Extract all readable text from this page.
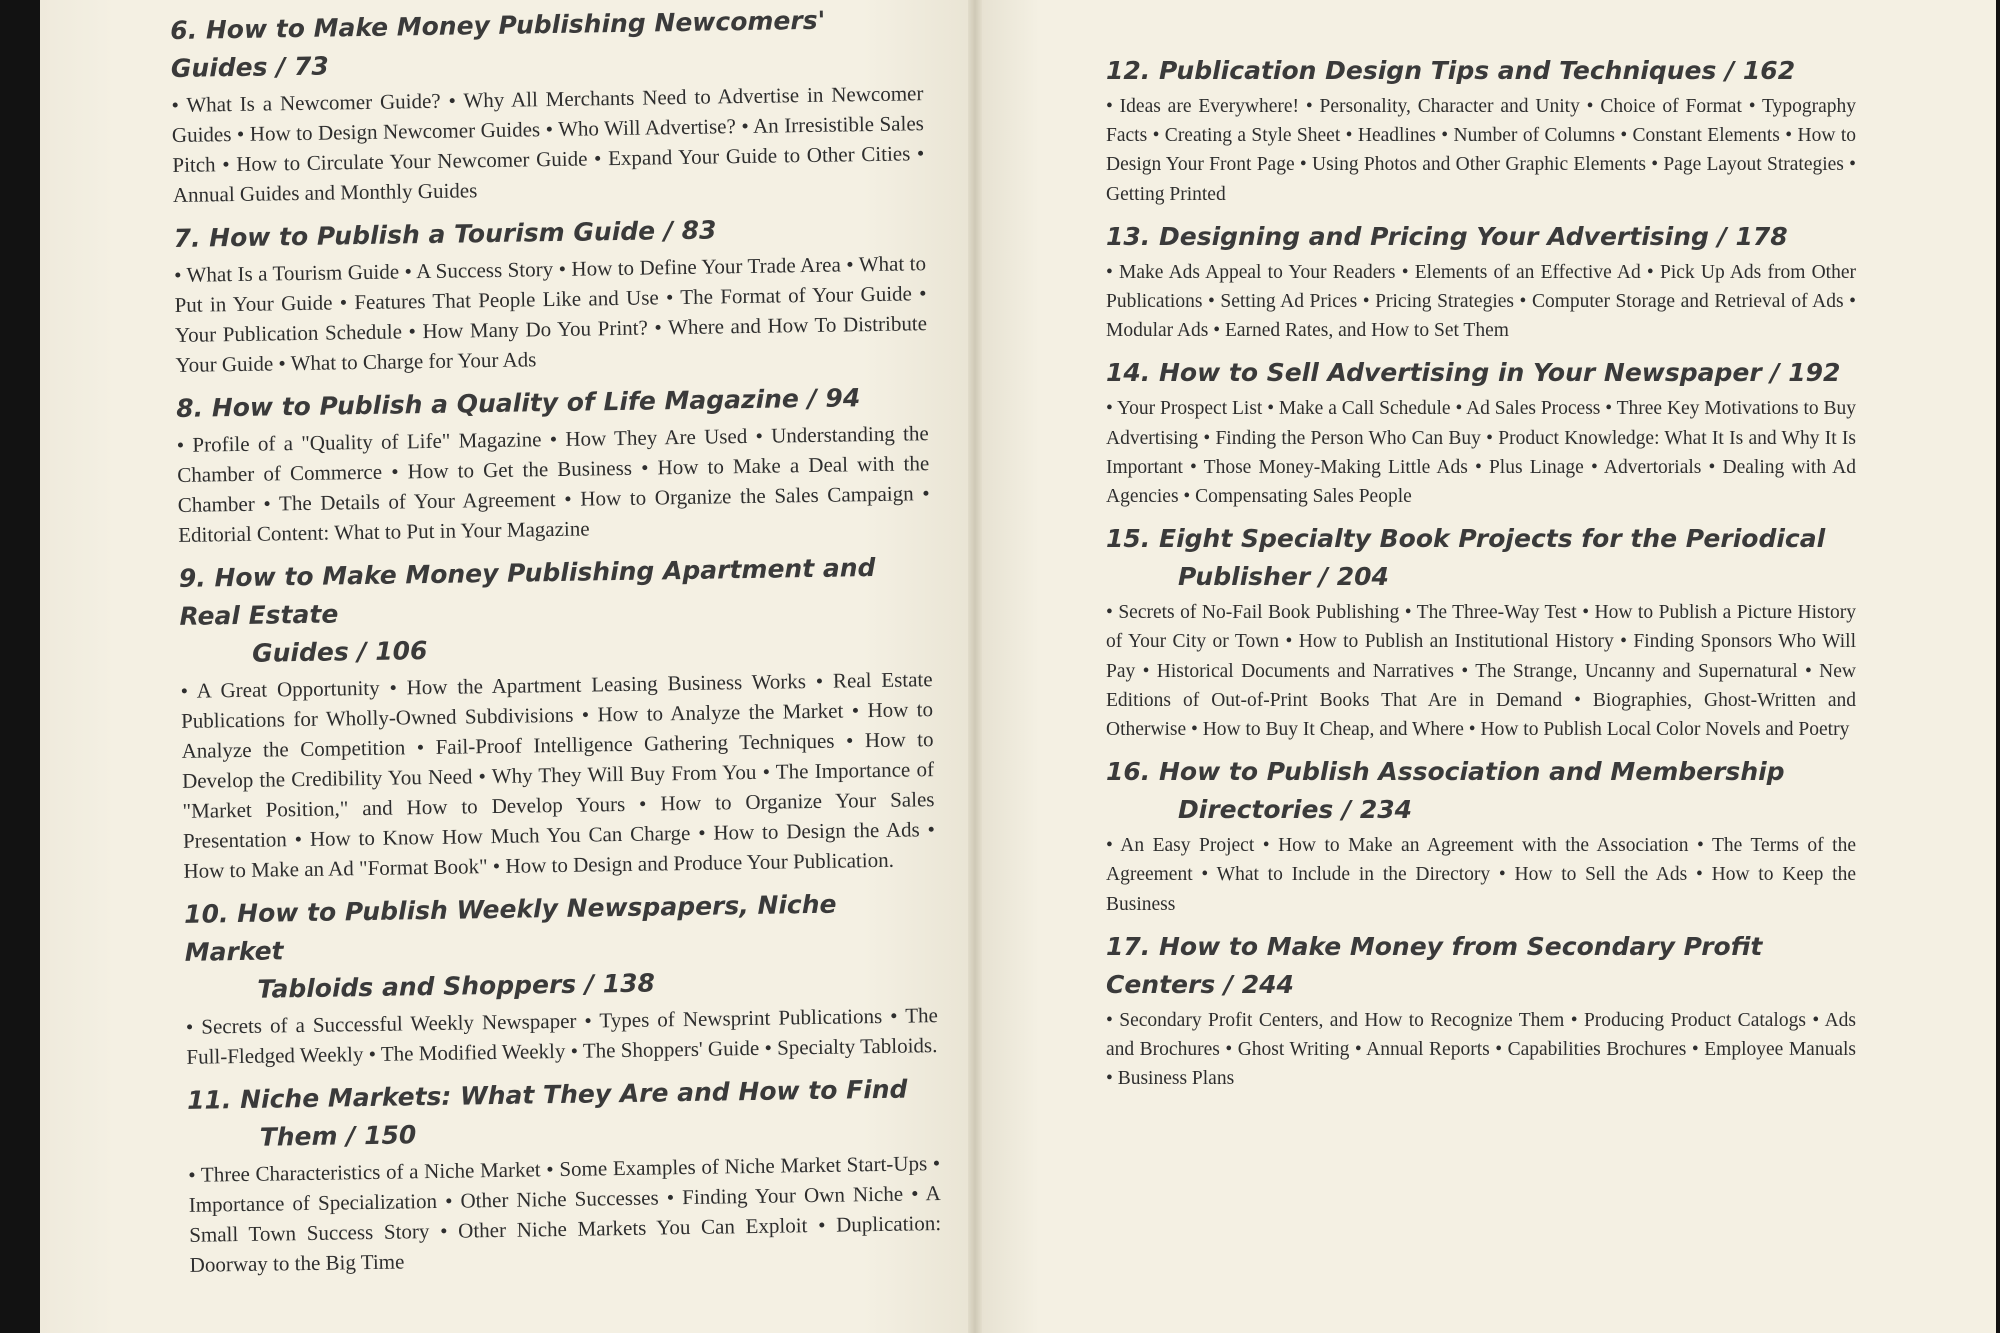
6. How to Make Money Publishing Newcomers' Guides / 73

• What Is a Newcomer Guide? • Why All Merchants Need to Advertise in Newcomer Guides • How to Design Newcomer Guides • Who Will Advertise? • An Irresistible Sales Pitch • How to Circulate Your Newcomer Guide • Expand Your Guide to Other Cities • Annual Guides and Monthly Guides

7. How to Publish a Tourism Guide / 83

• What Is a Tourism Guide • A Success Story • How to Define Your Trade Area • What to Put in Your Guide • Features That People Like and Use • The Format of Your Guide • Your Publication Schedule • How Many Do You Print? • Where and How To Distribute Your Guide • What to Charge for Your Ads

8. How to Publish a Quality of Life Magazine / 94

• Profile of a "Quality of Life" Magazine • How They Are Used • Understanding the Chamber of Commerce • How to Get the Business • How to Make a Deal with the Chamber • The Details of Your Agreement • How to Organize the Sales Campaign • Editorial Content: What to Put in Your Magazine

9. How to Make Money Publishing Apartment and Real Estate
Guides / 106

• A Great Opportunity • How the Apartment Leasing Business Works • Real Estate Publications for Wholly-Owned Subdivisions • How to Analyze the Market • How to Analyze the Competition • Fail-Proof Intelligence Gathering Techniques • How to Develop the Credibility You Need • Why They Will Buy From You • The Importance of "Market Position," and How to Develop Yours • How to Organize Your Sales Presentation • How to Know How Much You Can Charge • How to Design the Ads • How to Make an Ad "Format Book" • How to Design and Produce Your Publication.

10. How to Publish Weekly Newspapers, Niche Market
Tabloids and Shoppers / 138

• Secrets of a Successful Weekly Newspaper • Types of Newsprint Publications • The Full-Fledged Weekly • The Modified Weekly • The Shoppers' Guide • Specialty Tabloids.

11. Niche Markets: What They Are and How to Find
Them / 150

• Three Characteristics of a Niche Market • Some Examples of Niche Market Start-Ups • Importance of Specialization • Other Niche Successes • Finding Your Own Niche • A Small Town Success Story • Other Niche Markets You Can Exploit • Duplication: Doorway to the Big Time

12. Publication Design Tips and Techniques / 162

• Ideas are Everywhere! • Personality, Character and Unity • Choice of Format • Typography Facts • Creating a Style Sheet • Headlines • Number of Columns • Constant Elements • How to Design Your Front Page • Using Photos and Other Graphic Elements • Page Layout Strategies • Getting Printed

13. Designing and Pricing Your Advertising / 178

• Make Ads Appeal to Your Readers • Elements of an Effective Ad • Pick Up Ads from Other Publications • Setting Ad Prices • Pricing Strategies • Computer Storage and Retrieval of Ads • Modular Ads • Earned Rates, and How to Set Them

14. How to Sell Advertising in Your Newspaper / 192

• Your Prospect List • Make a Call Schedule • Ad Sales Process • Three Key Motivations to Buy Advertising • Finding the Person Who Can Buy • Product Knowledge: What It Is and Why It Is Important • Those Money-Making Little Ads • Plus Linage • Advertorials • Dealing with Ad Agencies • Compensating Sales People

15. Eight Specialty Book Projects for the Periodical
Publisher / 204

• Secrets of No-Fail Book Publishing • The Three-Way Test • How to Publish a Picture History of Your City or Town • How to Publish an Institutional History • Finding Sponsors Who Will Pay • Historical Documents and Narratives • The Strange, Uncanny and Supernatural • New Editions of Out-of-Print Books That Are in Demand • Biographies, Ghost-Written and Otherwise • How to Buy It Cheap, and Where • How to Publish Local Color Novels and Poetry

16. How to Publish Association and Membership
Directories / 234

• An Easy Project • How to Make an Agreement with the Association • The Terms of the Agreement • What to Include in the Directory • How to Sell the Ads • How to Keep the Business

17. How to Make Money from Secondary Profit Centers / 244

• Secondary Profit Centers, and How to Recognize Them • Producing Product Catalogs • Ads and Brochures • Ghost Writing • Annual Reports • Capabilities Brochures • Employee Manuals • Business Plans
